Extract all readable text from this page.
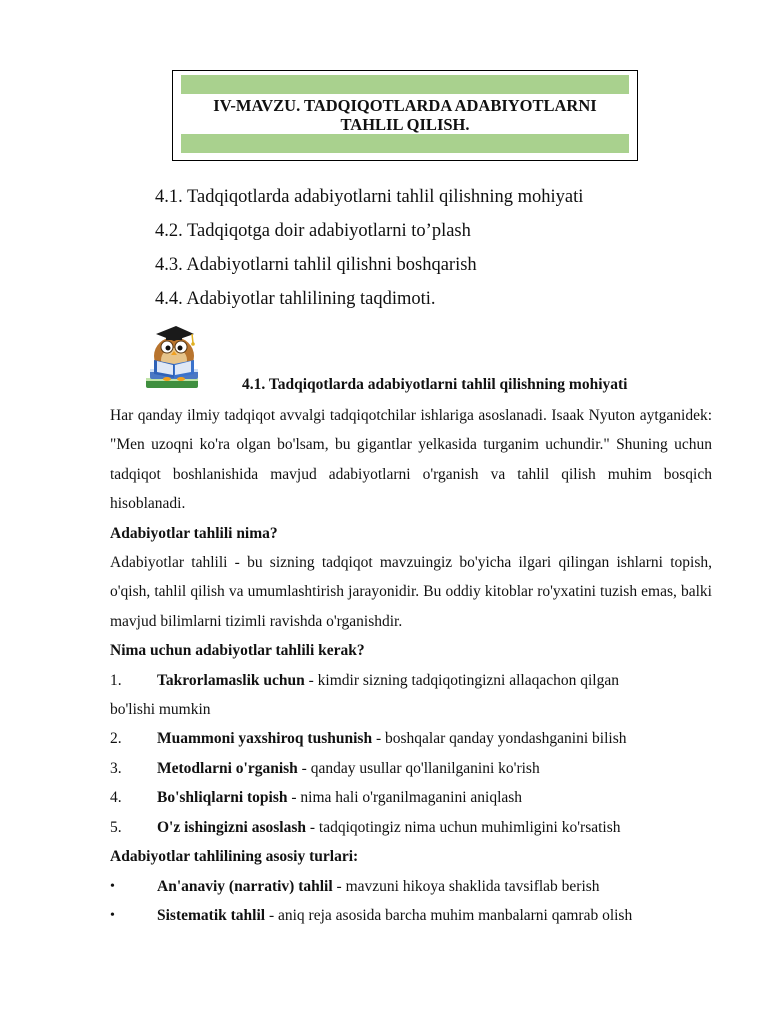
IV-MAVZU. TADQIQOTLARDA ADABIYOTLARNI
TAHLIL QILISH.
4.1. Tadqiqotlarda adabiyotlarni tahlil qilishning mohiyati
4.2. Tadqiqotga doir adabiyotlarni to’plash
4.3. Adabiyotlarni tahlil qilishni boshqarish
4.4. Adabiyotlar tahlilining taqdimoti.
4.1. Tadqiqotlarda adabiyotlarni tahlil qilishning mohiyati

Har qanday ilmiy tadqiqot avvalgi tadqiqotchilar ishlariga asoslanadi. Isaak Nyuton aytganidek: "Men uzoqni ko'ra olgan bo'lsam, bu gigantlar yelkasida turganim uchundir." Shuning uchun tadqiqot boshlanishida mavjud adabiyotlarni o'rganish va tahlil qilish muhim bosqich hisoblanadi.

Adabiyotlar tahlili nima?

Adabiyotlar tahlili - bu sizning tadqiqot mavzuingiz bo'yicha ilgari qilingan ishlarni topish, o'qish, tahlil qilish va umumlashtirish jarayonidir. Bu oddiy kitoblar ro'yxatini tuzish emas, balki mavjud bilimlarni tizimli ravishda o'rganishdir.

Nima uchun adabiyotlar tahlili kerak?

1.	Takrorlamaslik uchun - kimdir sizning tadqiqotingizni allaqachon qilgan

bo'lishi mumkin

2.	Muammoni yaxshiroq tushunish - boshqalar qanday yondashganini bilish
3.	Metodlarni o'rganish - qanday usullar qo'llanilganini ko'rish
4.	Bo'shliqlarni topish - nima hali o'rganilmaganini aniqlash
5.	O'z ishingizni asoslash - tadqiqotingiz nima uchun muhimligini ko'rsatish

Adabiyotlar tahlilining asosiy turlari:

•	An'anaviy (narrativ) tahlil - mavzuni hikoya shaklida tavsiflab berish
•	Sistematik tahlil - aniq reja asosida barcha muhim manbalarni qamrab olish
